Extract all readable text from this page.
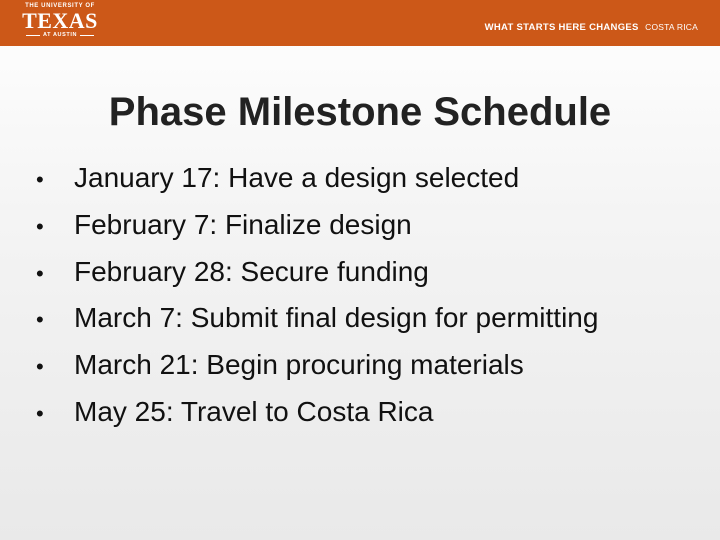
THE UNIVERSITY OF
TEXAS
AT AUSTIN
WHAT STARTS HERE CHANGES COSTA RICA
Phase Milestone Schedule
•	January 17: Have a design selected
•	February 7: Finalize design
•	February 28: Secure funding
•	March 7: Submit final design for permitting
•	March 21: Begin procuring materials
•	May 25: Travel to Costa Rica
